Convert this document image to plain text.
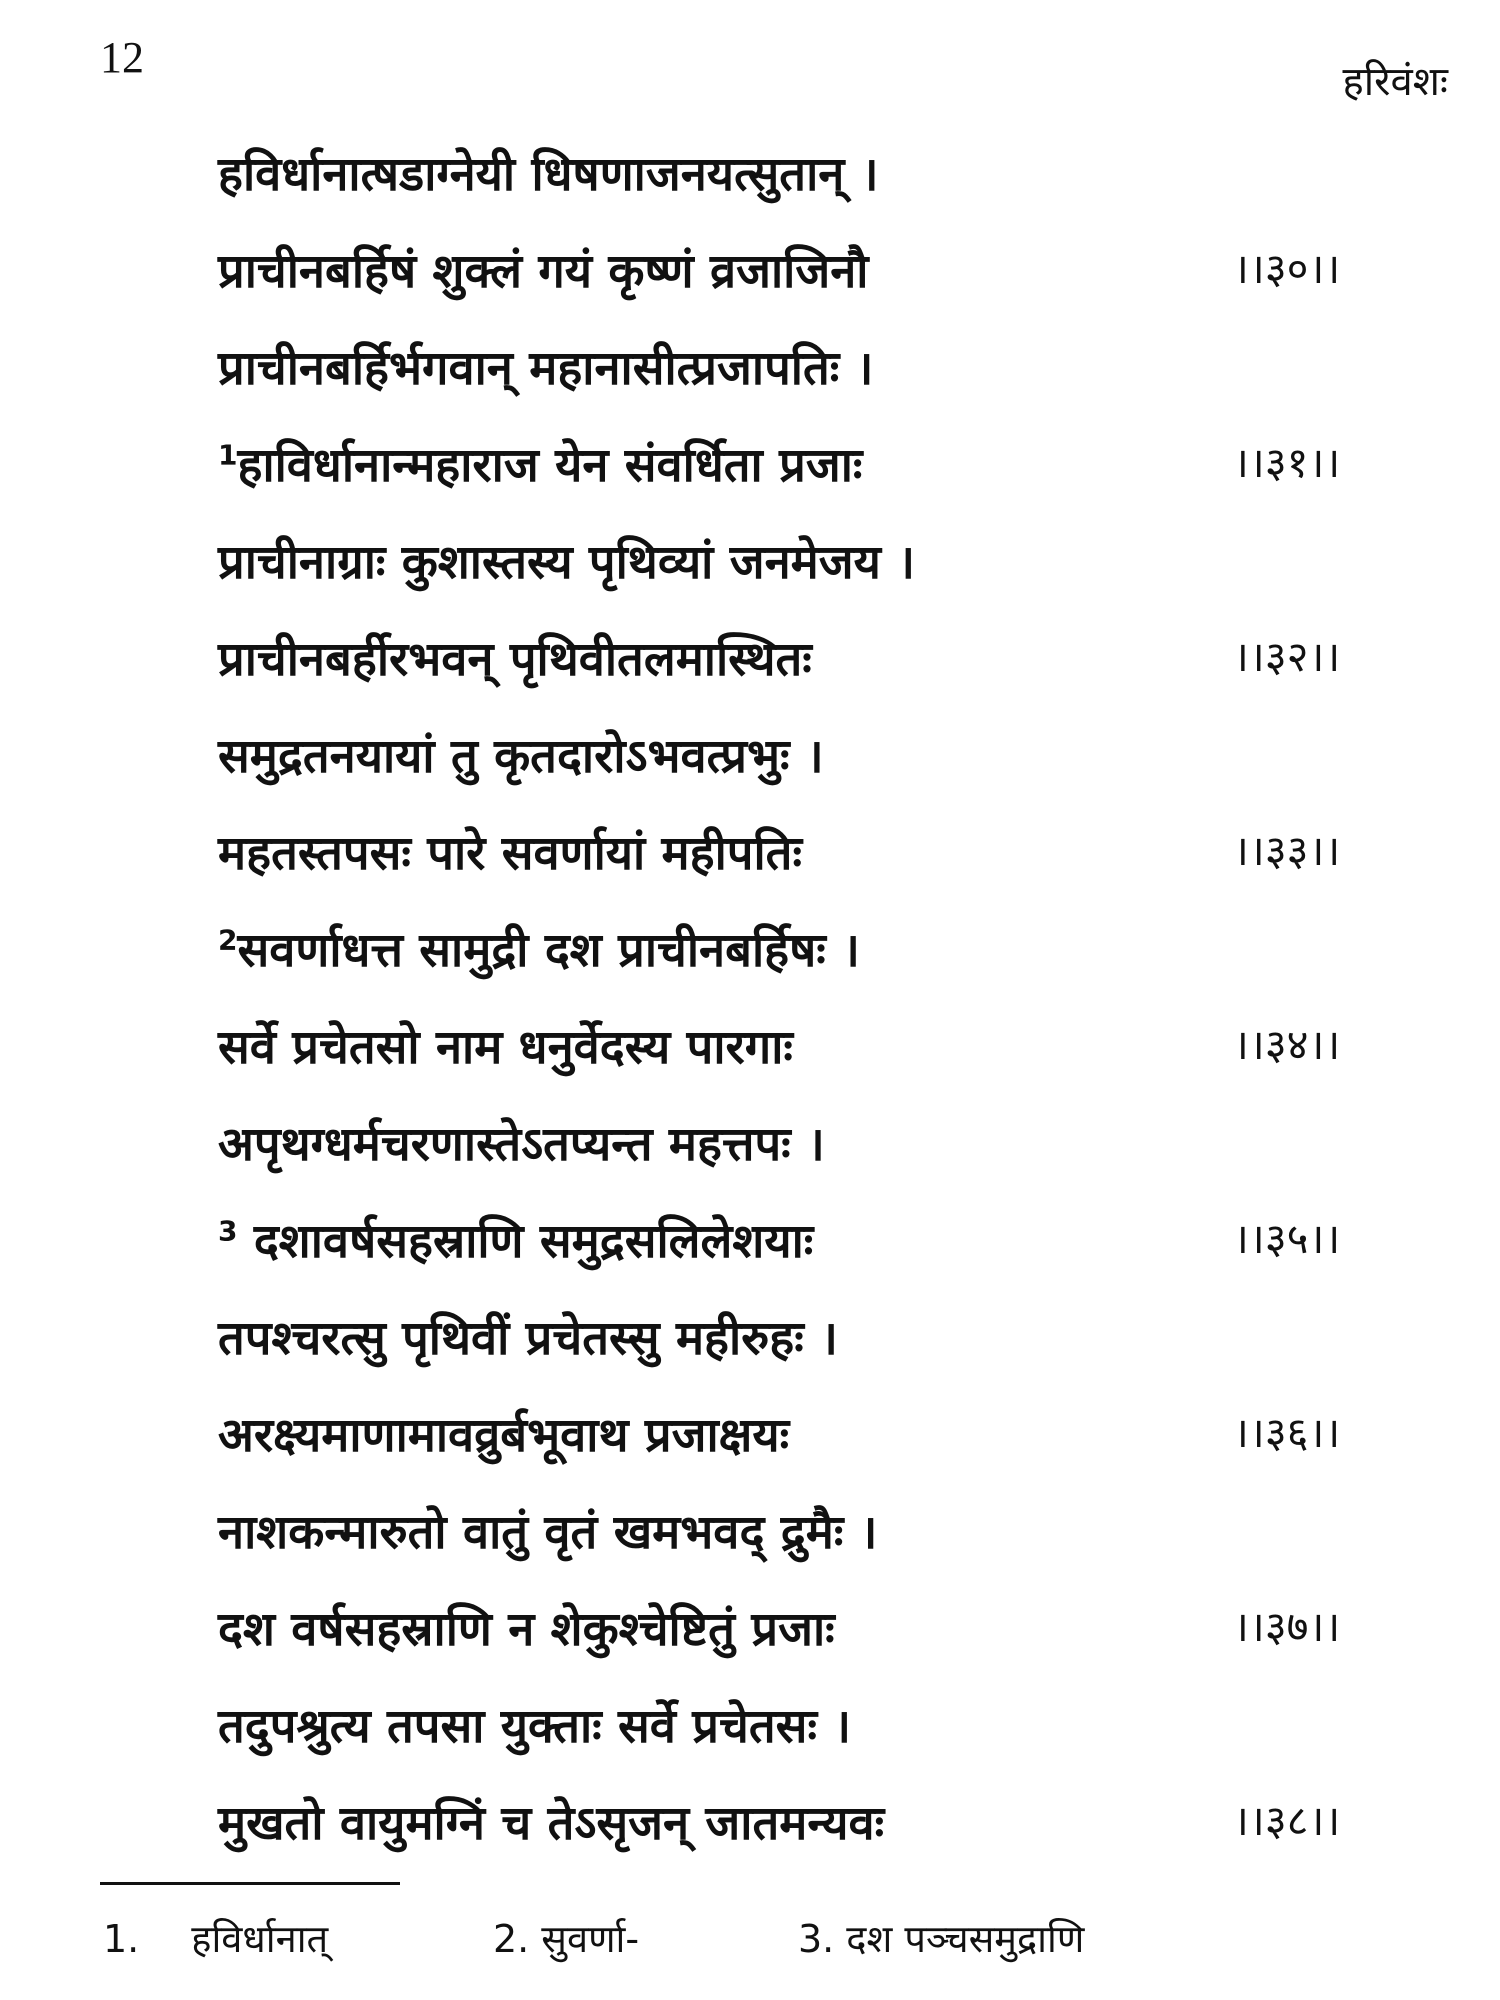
12	हरिवंशः
हविर्धानात्षडाग्नेयी धिषणाजनयत्सुतान् ।
प्राचीनबर्हिषं शुक्लं गयं कृष्णं व्रजाजिनौ	।।३०।।
प्राचीनबर्हिर्भगवान् महानासीत्प्रजापतिः ।
$^1$हाविर्धानान्महाराज येन संवर्धिता प्रजाः	।।३१।।
प्राचीनाग्राः कुशास्तस्य पृथिव्यां जनमेजय ।
प्राचीनबर्हीरभवन् पृथिवीतलमास्थितः	।।३२।।
समुद्रतनयायां तु कृतदारोऽभवत्प्रभुः ।
महतस्तपसः पारे सवर्णायां महीपतिः	।।३३।।
$^2$सवर्णाधत्त सामुद्री दश प्राचीनबर्हिषः ।
सर्वे प्रचेतसो नाम धनुर्वेदस्य पारगाः	।।३४।।
अपृथग्धर्मचरणास्तेऽतप्यन्त महत्तपः ।
$^3$ दशावर्षसहस्राणि समुद्रसलिलेशयाः	।।३५।।
तपश्चरत्सु पृथिवीं प्रचेतस्सु महीरुहः ।
अरक्ष्यमाणामावव्रुर्बभूवाथ प्रजाक्षयः	।।३६।।
नाशकन्मारुतो वातुं वृतं खमभवद् द्रुमैः ।
दश वर्षसहस्राणि न शेकुश्चेष्टितुं प्रजाः	।।३७।।
तदुपश्रुत्य तपसा युक्ताः सर्वे प्रचेतसः ।
मुखतो वायुमग्निं च तेऽसृजन् जातमन्यवः	।।३८।।
1. हविर्धानात्	2. सुवर्णा-	3. दश पञ्चसमुद्राणि
